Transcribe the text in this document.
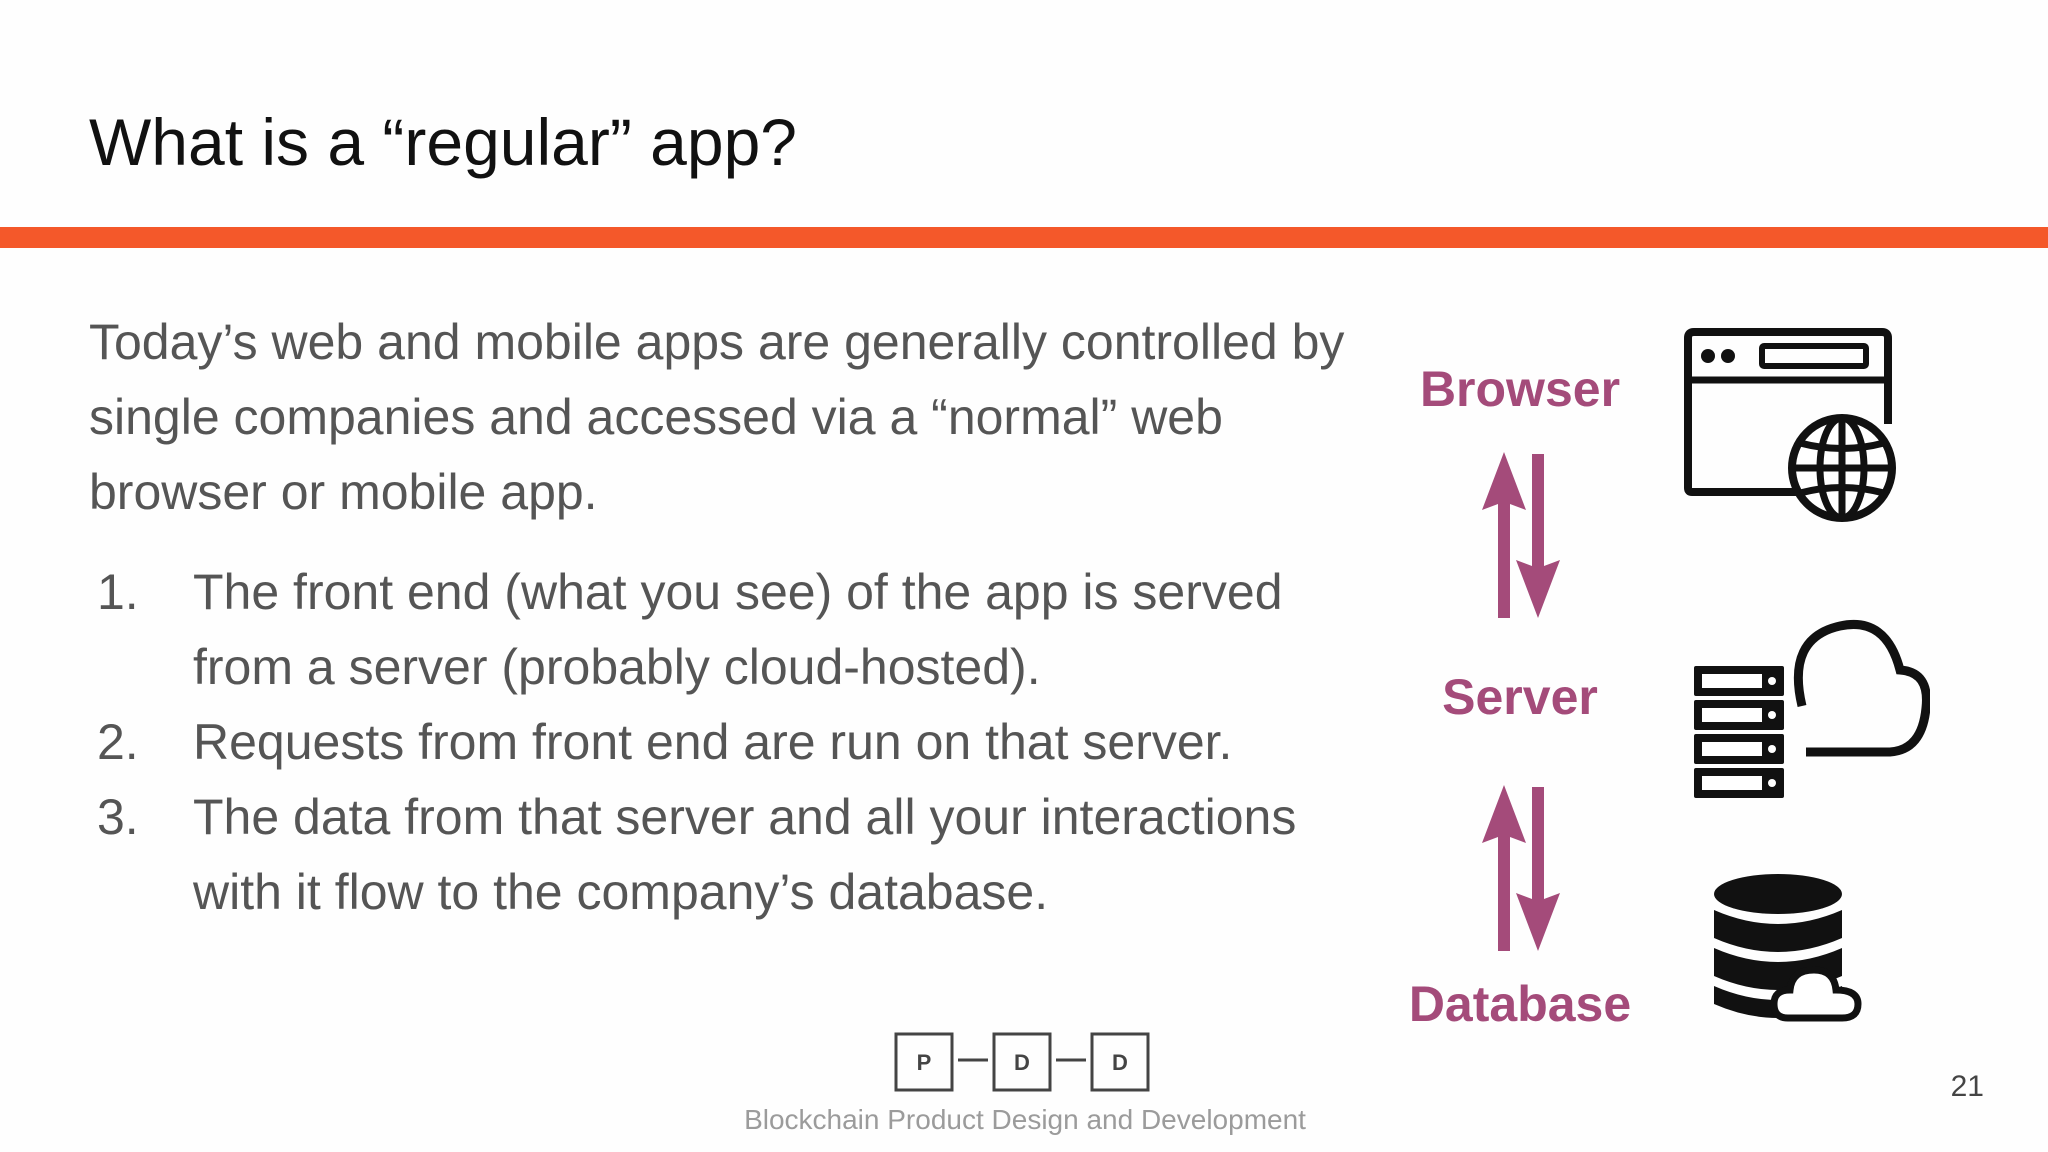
What is a “regular” app?

Today’s web and mobile apps are generally controlled by single companies and accessed via a “normal” web browser or mobile app.

1. The front end (what you see) of the app is served from a server (probably cloud-hosted).
2. Requests from front end are run on that server.
3. The data from that server and all your interactions with it flow to the company’s database.
Browser
Server
Database
P	D	D
Blockchain Product Design and Development
21
